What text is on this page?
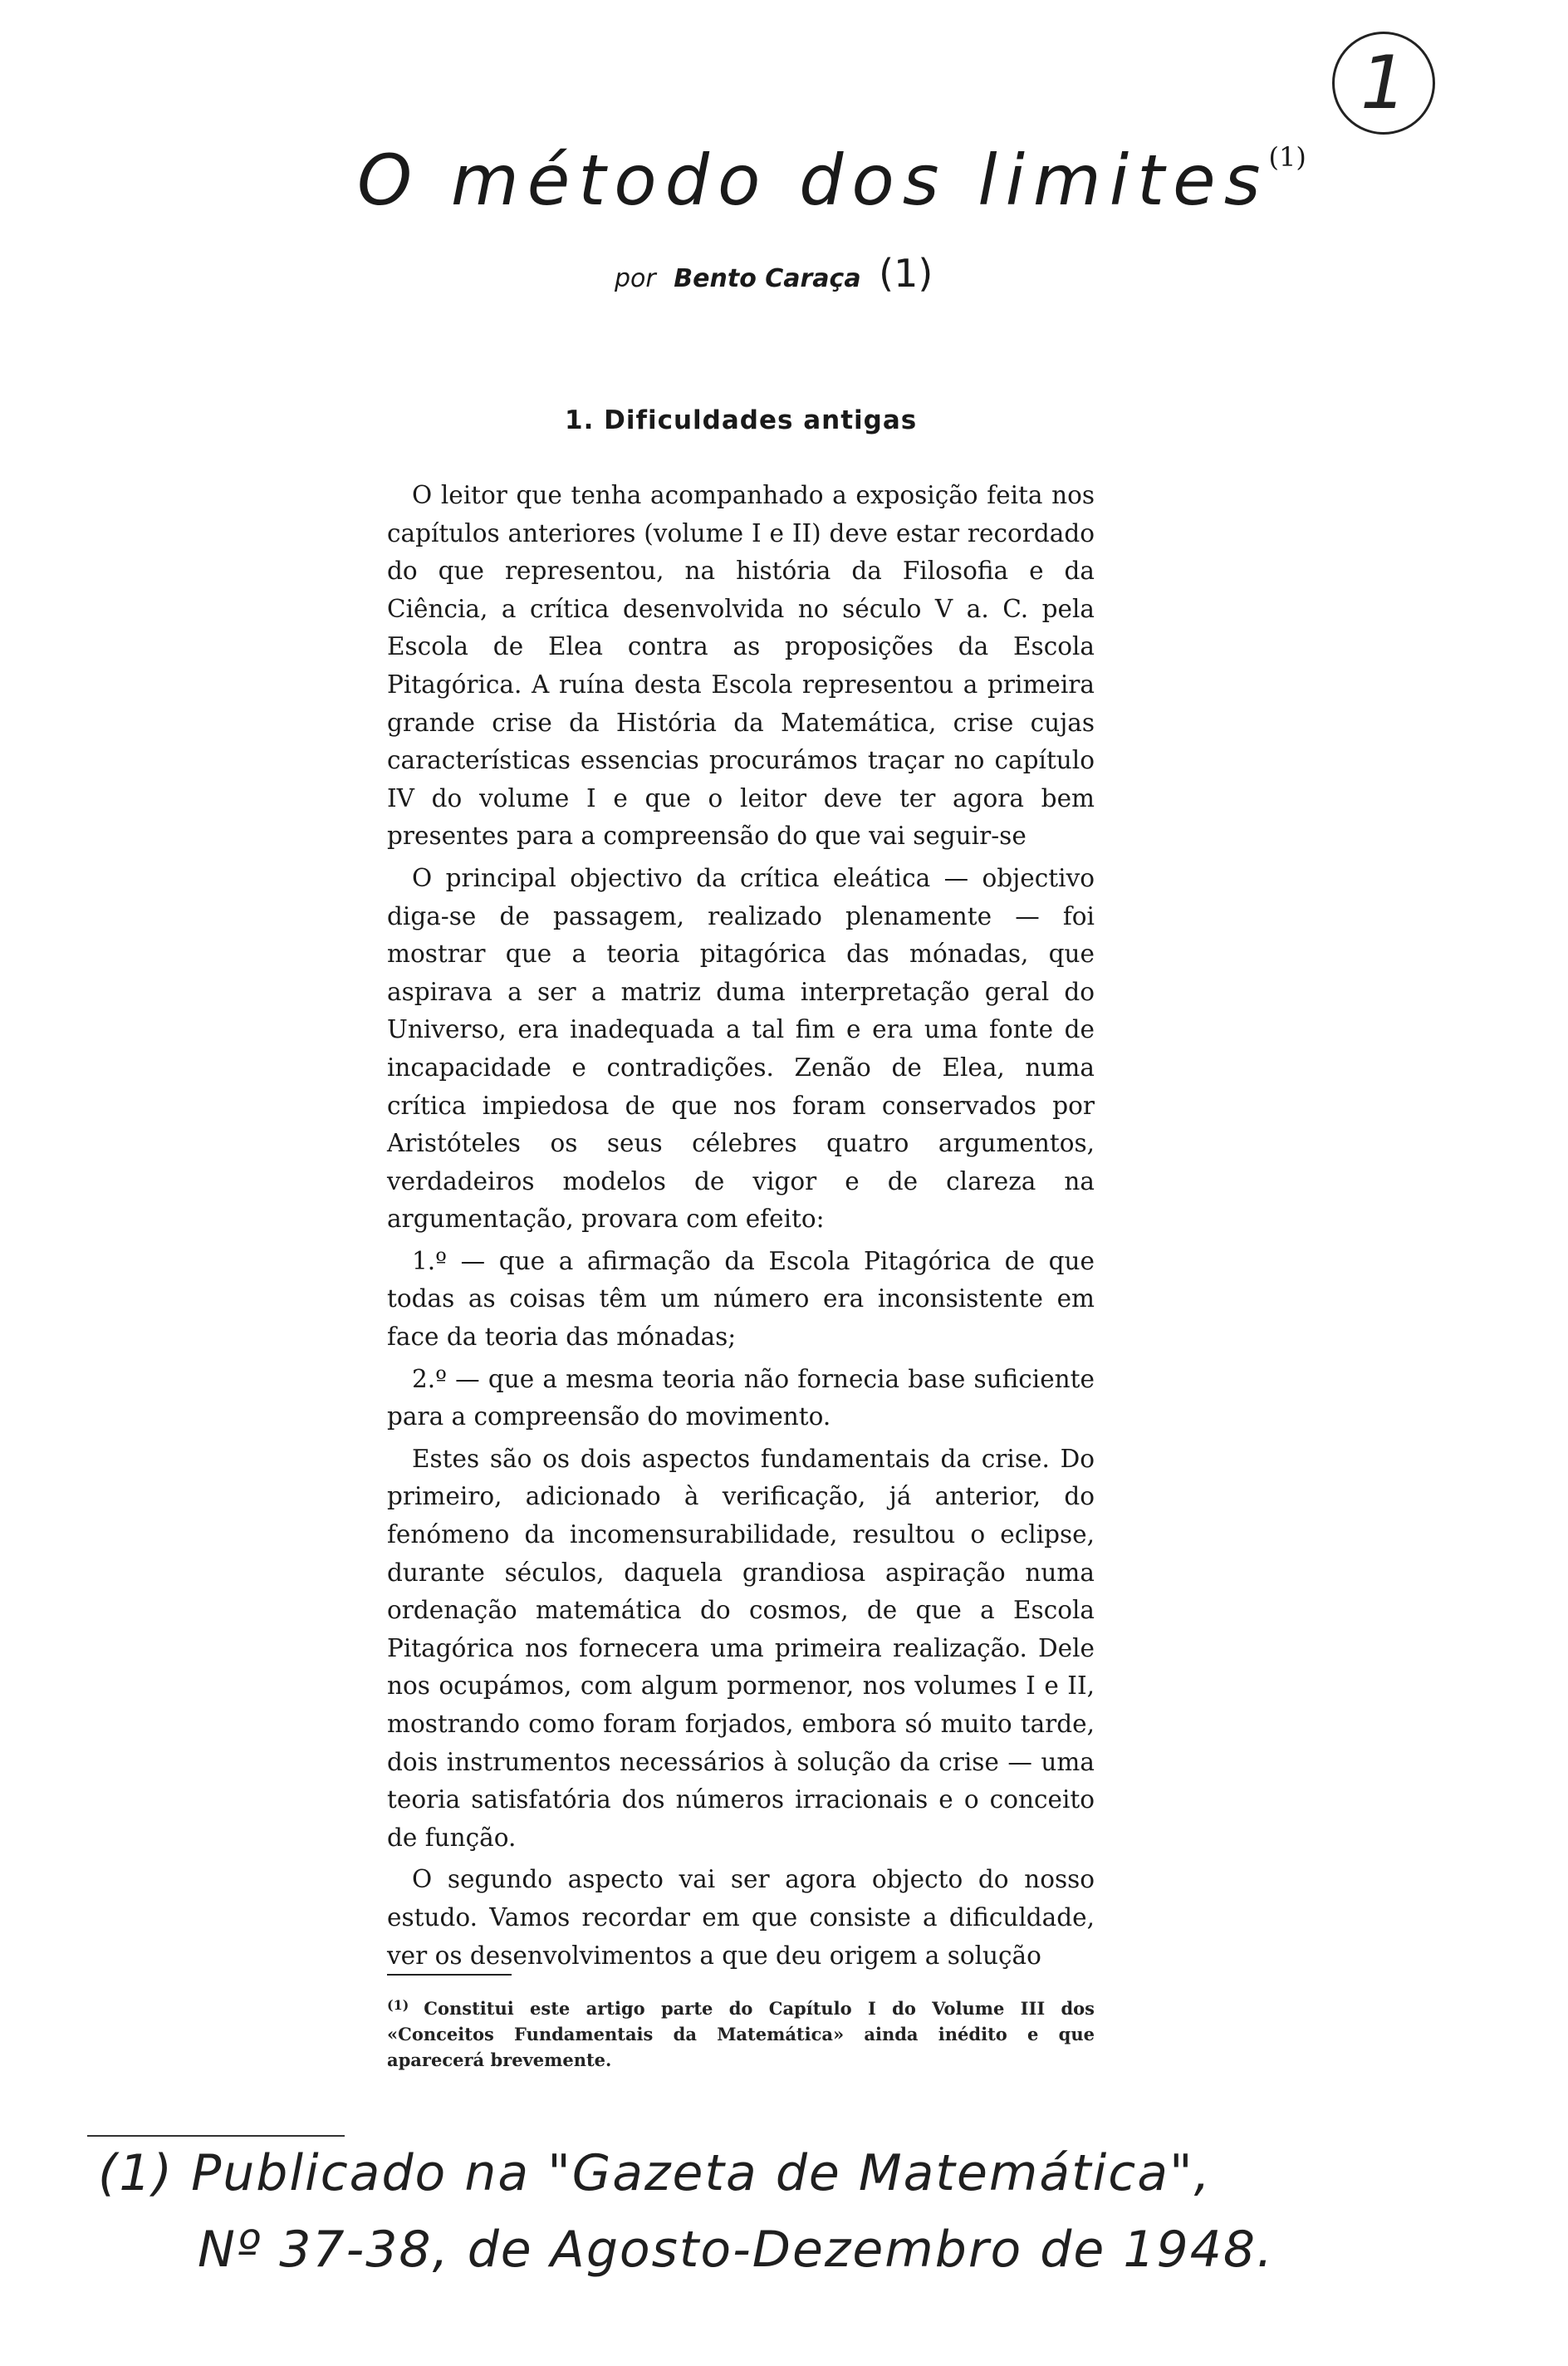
1
O método dos limites$^{(1)}$
por Bento Caraça (1)
1. Dificuldades antigas

O leitor que tenha acompanhado a exposição feita nos capítulos anteriores (volume I e II) deve estar recordado do que representou, na história da Filosofia e da Ciência, a crítica desenvolvida no século V a. C. pela Escola de Elea contra as proposições da Escola Pitagórica. A ruína desta Escola representou a primeira grande crise da História da Matemática, crise cujas características essencias procurámos traçar no capítulo IV do volume I e que o leitor deve ter agora bem presentes para a compreensão do que vai seguir-se

O principal objectivo da crítica eleática — objectivo diga-se de passagem, realizado plenamente — foi mostrar que a teoria pitagórica das mónadas, que aspirava a ser a matriz duma interpretação geral do Universo, era inadequada a tal fim e era uma fonte de incapacidade e contradições. Zenão de Elea, numa crítica impiedosa de que nos foram conservados por Aristóteles os seus célebres quatro argumentos, verdadeiros modelos de vigor e de clareza na argumentação, provara com efeito:

1.º — que a afirmação da Escola Pitagórica de que todas as coisas têm um número era inconsistente em face da teoria das mónadas;

2.º — que a mesma teoria não fornecia base suficiente para a compreensão do movimento.

Estes são os dois aspectos fundamentais da crise. Do primeiro, adicionado à verificação, já anterior, do fenómeno da incomensurabilidade, resultou o eclipse, durante séculos, daquela grandiosa aspiração numa ordenação matemática do cosmos, de que a Escola Pitagórica nos fornecera uma primeira realização. Dele nos ocupámos, com algum pormenor, nos volumes I e II, mostrando como foram forjados, embora só muito tarde, dois instrumentos necessários à solução da crise — uma teoria satisfatória dos números irracionais e o conceito de função.

O segundo aspecto vai ser agora objecto do nosso estudo. Vamos recordar em que consiste a dificuldade, ver os desenvolvimentos a que deu origem a solução

$^{(1)}$ Constitui este artigo parte do Capítulo I do Volume III dos «Conceitos Fundamentais da Matemática» ainda inédito e que aparecerá brevemente.
(1) Publicado na "Gazeta de Matemática",
Nº 37-38, de Agosto-Dezembro de 1948.
